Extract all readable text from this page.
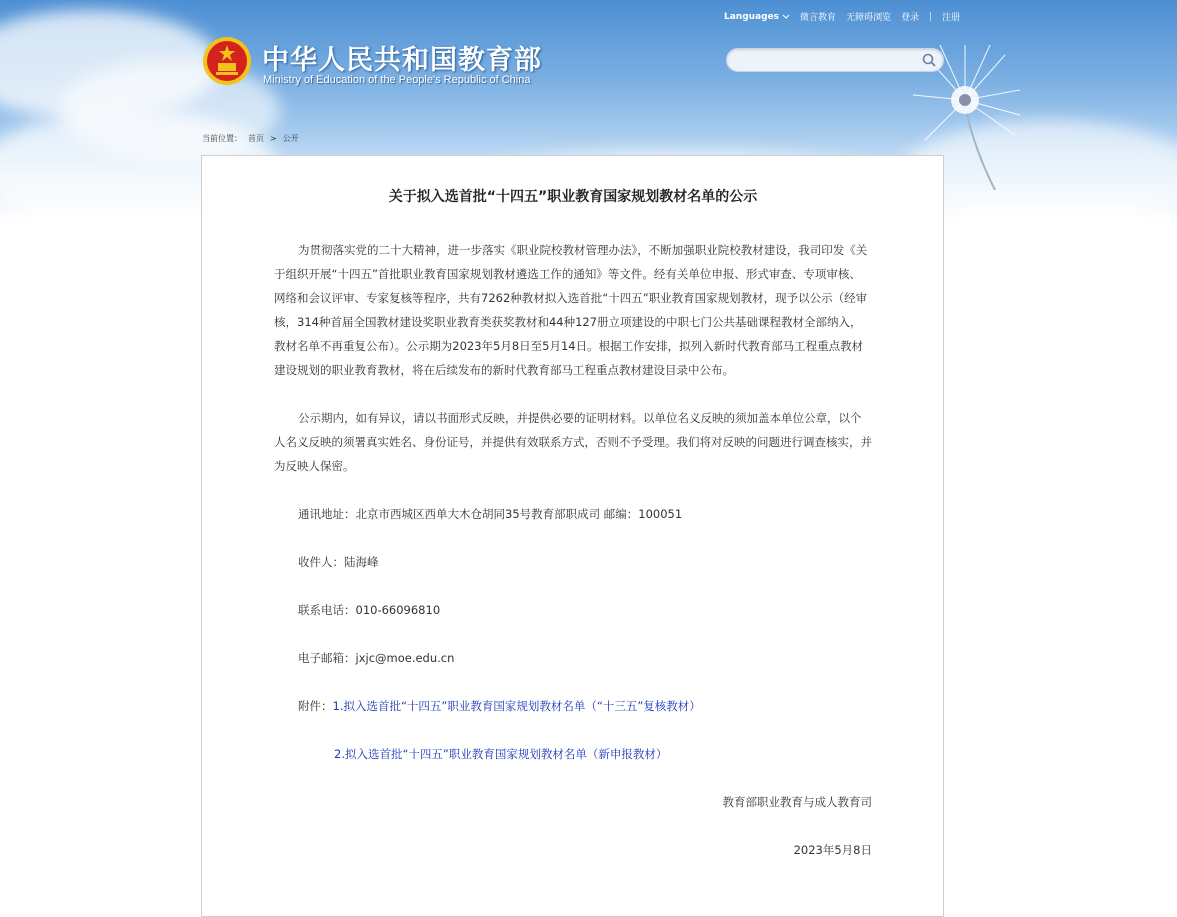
Languages 微言教育 无障碍浏览 登录 | 注册
中华人民共和国教育部
Ministry of Education of the People's Republic of China
当前位置： 首页 > 公开
关于拟入选首批“十四五”职业教育国家规划教材名单的公示

为贯彻落实党的二十大精神，进一步落实《职业院校教材管理办法》，不断加强职业院校教材建设，我司印发《关于组织开展“十四五”首批职业教育国家规划教材遴选工作的通知》等文件。经有关单位申报、形式审查、专项审核、网络和会议评审、专家复核等程序，共有7262种教材拟入选首批“十四五”职业教育国家规划教材，现予以公示（经审核，314种首届全国教材建设奖职业教育类获奖教材和44种127册立项建设的中职七门公共基础课程教材全部纳入，教材名单不再重复公布）。公示期为2023年5月8日至5月14日。根据工作安排，拟列入新时代教育部马工程重点教材建设规划的职业教育教材，将在后续发布的新时代教育部马工程重点教材建设目录中公布。

公示期内，如有异议，请以书面形式反映，并提供必要的证明材料。以单位名义反映的须加盖本单位公章，以个人名义反映的须署真实姓名、身份证号，并提供有效联系方式，否则不予受理。我们将对反映的问题进行调查核实，并为反映人保密。

通讯地址：北京市西城区西单大木仓胡同35号教育部职成司 邮编：100051
收件人：陆海峰
联系电话：010-66096810
电子邮箱：jxjc@moe.edu.cn
附件：1.拟入选首批“十四五”职业教育国家规划教材名单（“十三五”复核教材）
2.拟入选首批“十四五”职业教育国家规划教材名单（新申报教材）
教育部职业教育与成人教育司
2023年5月8日
